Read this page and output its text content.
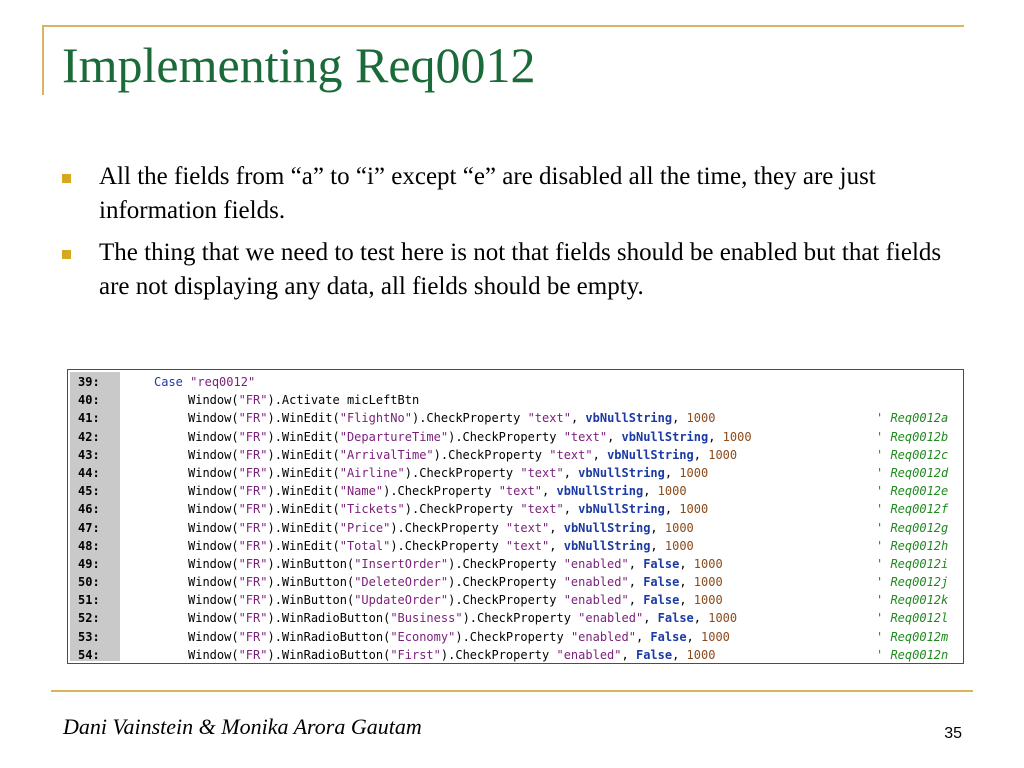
Implementing Req0012
All the fields from “a” to “i” except “e” are disabled all the time, they are just information fields.
The thing that we need to test here is not that fields should be enabled but that fields are not displaying any data, all fields should be empty.
39:	Case "req0012"
40:	Window("FR").Activate micLeftBtn
41:	Window("FR").WinEdit("FlightNo").CheckProperty "text", vbNullString, 1000	' Req0012a
42:	Window("FR").WinEdit("DepartureTime").CheckProperty "text", vbNullString, 1000	' Req0012b
43:	Window("FR").WinEdit("ArrivalTime").CheckProperty "text", vbNullString, 1000	' Req0012c
44:	Window("FR").WinEdit("Airline").CheckProperty "text", vbNullString, 1000	' Req0012d
45:	Window("FR").WinEdit("Name").CheckProperty "text", vbNullString, 1000	' Req0012e
46:	Window("FR").WinEdit("Tickets").CheckProperty "text", vbNullString, 1000	' Req0012f
47:	Window("FR").WinEdit("Price").CheckProperty "text", vbNullString, 1000	' Req0012g
48:	Window("FR").WinEdit("Total").CheckProperty "text", vbNullString, 1000	' Req0012h
49:	Window("FR").WinButton("InsertOrder").CheckProperty "enabled", False, 1000	' Req0012i
50:	Window("FR").WinButton("DeleteOrder").CheckProperty "enabled", False, 1000	' Req0012j
51:	Window("FR").WinButton("UpdateOrder").CheckProperty "enabled", False, 1000	' Req0012k
52:	Window("FR").WinRadioButton("Business").CheckProperty "enabled", False, 1000	' Req0012l
53:	Window("FR").WinRadioButton("Economy").CheckProperty "enabled", False, 1000	' Req0012m
54:	Window("FR").WinRadioButton("First").CheckProperty "enabled", False, 1000	' Req0012n
Dani Vainstein & Monika Arora Gautam	35
